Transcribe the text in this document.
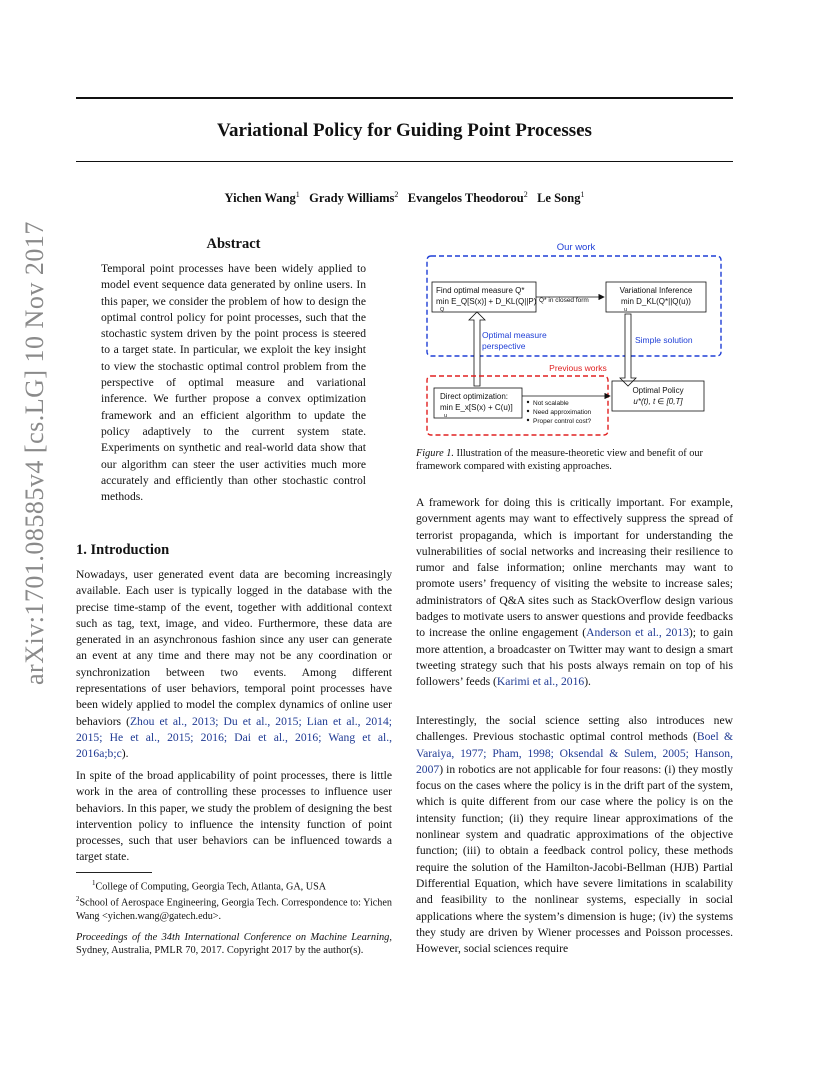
arXiv:1701.08585v4 [cs.LG] 10 Nov 2017
Variational Policy for Guiding Point Processes
Yichen Wang$^1$ Grady Williams$^2$ Evangelos Theodorou$^2$ Le Song$^1$
Abstract
Temporal point processes have been widely applied to model event sequence data generated by online users. In this paper, we consider the problem of how to design the optimal control policy for point processes, such that the stochastic system driven by the point process is steered to a target state. In particular, we exploit the key insight to view the stochastic optimal control problem from the perspective of optimal measure and variational inference. We further propose a convex optimization framework and an efficient algorithm to update the policy adaptively to the current system state. Experiments on synthetic and real-world data show that our algorithm can steer the user activities much more accurately and efficiently than other stochastic control methods.
1. Introduction
Nowadays, user generated event data are becoming increasingly available. Each user is typically logged in the database with the precise time-stamp of the event, together with additional context such as tag, text, image, and video. Furthermore, these data are generated in an asynchronous fashion since any user can generate an event at any time and there may not be any coordination or synchronization between two events. Among different representations of user behaviors, temporal point processes have been widely applied to model the complex dynamics of online user behaviors (Zhou et al., 2013; Du et al., 2015; Lian et al., 2014; 2015; He et al., 2015; 2016; Dai et al., 2016; Wang et al., 2016a;b;c).
In spite of the broad applicability of point processes, there is little work in the area of controlling these processes to influence user behaviors. In this paper, we study the problem of designing the best intervention policy to influence the intensity function of point processes, such that user behaviors can be influenced towards a target state.
$^1$College of Computing, Georgia Tech, Atlanta, GA, USA
$^2$School of Aerospace Engineering, Georgia Tech. Correspondence to: Yichen Wang <yichen.wang@gatech.edu>.
Proceedings of the 34th International Conference on Machine Learning, Sydney, Australia, PMLR 70, 2017. Copyright 2017 by the author(s).
Our work
Find optimal measure Q*
min E_Q[S(x)] + D_KL(Q||P)
Q
Q* in closed form
Variational Inference
min D_KL(Q*||Q(u))
u
Optimal measure
perspective
Simple solution
Previous works
Direct optimization:
min E_x[S(x) + C(u)]
u
Not scalable
Need approximation
Proper control cost?
Optimal Policy
u*(t), t ∈ [0,T]
Figure 1. Illustration of the measure-theoretic view and benefit of our framework compared with existing approaches.
A framework for doing this is critically important. For example, government agents may want to effectively suppress the spread of terrorist propaganda, which is important for understanding the vulnerabilities of social networks and increasing their resilience to rumor and false information; online merchants may want to promote users’ frequency of visiting the website to increase sales; administrators of Q&A sites such as StackOverflow design various badges to motivate users to answer questions and provide feedbacks to increase the online engagement (Anderson et al., 2013); to gain more attention, a broadcaster on Twitter may want to design a smart tweeting strategy such that his posts always remain on top of his followers’ feeds (Karimi et al., 2016).
Interestingly, the social science setting also introduces new challenges. Previous stochastic optimal control methods (Boel & Varaiya, 1977; Pham, 1998; Oksendal & Sulem, 2005; Hanson, 2007) in robotics are not applicable for four reasons: (i) they mostly focus on the cases where the policy is in the drift part of the system, which is quite different from our case where the policy is on the intensity function; (ii) they require linear approximations of the nonlinear system and quadratic approximations of the objective function; (iii) to obtain a feedback control policy, these methods require the solution of the Hamilton-Jacobi-Bellman (HJB) Partial Differential Equation, which have severe limitations in scalability and feasibility to the nonlinear systems, especially in social applications where the system’s dimension is huge; (iv) the systems they study are driven by Wiener processes and Poisson processes. However, social sciences require
